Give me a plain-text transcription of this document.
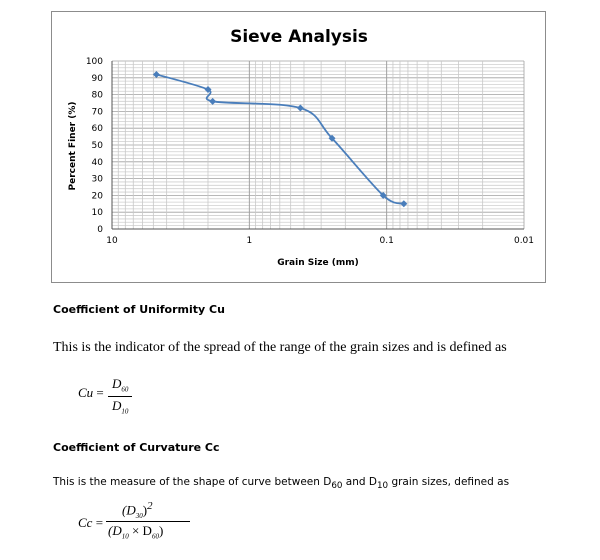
Sieve Analysis
0
10
20
30
40
50
60
70
80
90
100
10	1	0.1	0.01
Grain Size (mm)
Percent Finer (%)
Coefficient of Uniformity Cu
This is the indicator of the spread of the range of the grain sizes and is defined as
Cu =
$D_{60}$
$D_{10}$
Coefficient of Curvature Cc
This is the measure of the shape of curve between $D_{60}$ and $D_{10}$ grain sizes, defined as
Cc =
$(D_{30})^2$
$(D_{10} \times D_{60})$
